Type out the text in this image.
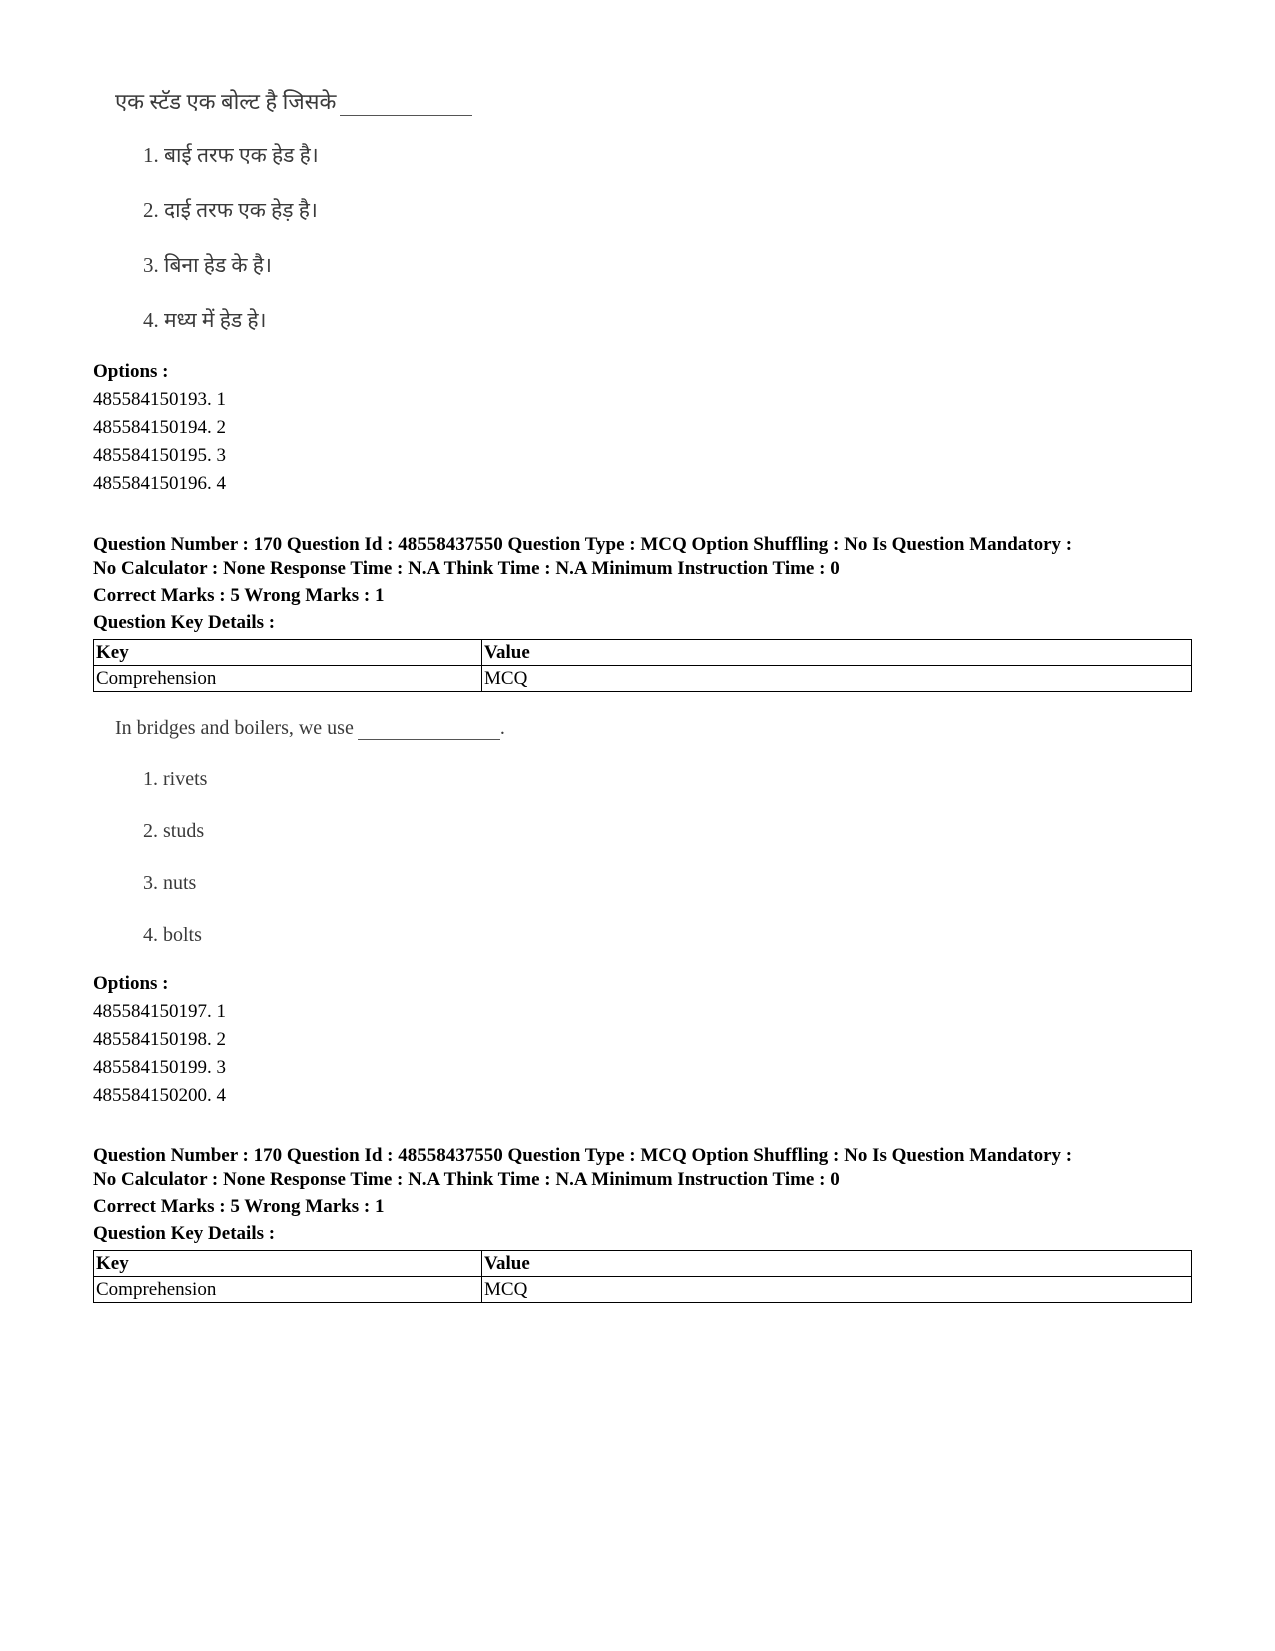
एक स्टॅड एक बोल्ट है जिसके
1. बाई तरफ एक हेड है।
2. दाई तरफ एक हेड़ है।
3. बिना हेड के है।
4. मध्य में हेड हे।
Options :
485584150193. 1
485584150194. 2
485584150195. 3
485584150196. 4
Question Number : 170 Question Id : 48558437550 Question Type : MCQ Option Shuffling : No Is Question Mandatory :
No Calculator : None Response Time : N.A Think Time : N.A Minimum Instruction Time : 0
Correct Marks : 5 Wrong Marks : 1
Question Key Details :
Key	Value
Comprehension	MCQ
In bridges and boilers, we use	.
1. rivets
2. studs
3. nuts
4. bolts
Options :
485584150197. 1
485584150198. 2
485584150199. 3
485584150200. 4
Question Number : 170 Question Id : 48558437550 Question Type : MCQ Option Shuffling : No Is Question Mandatory :
No Calculator : None Response Time : N.A Think Time : N.A Minimum Instruction Time : 0
Correct Marks : 5 Wrong Marks : 1
Question Key Details :
Key	Value
Comprehension	MCQ
